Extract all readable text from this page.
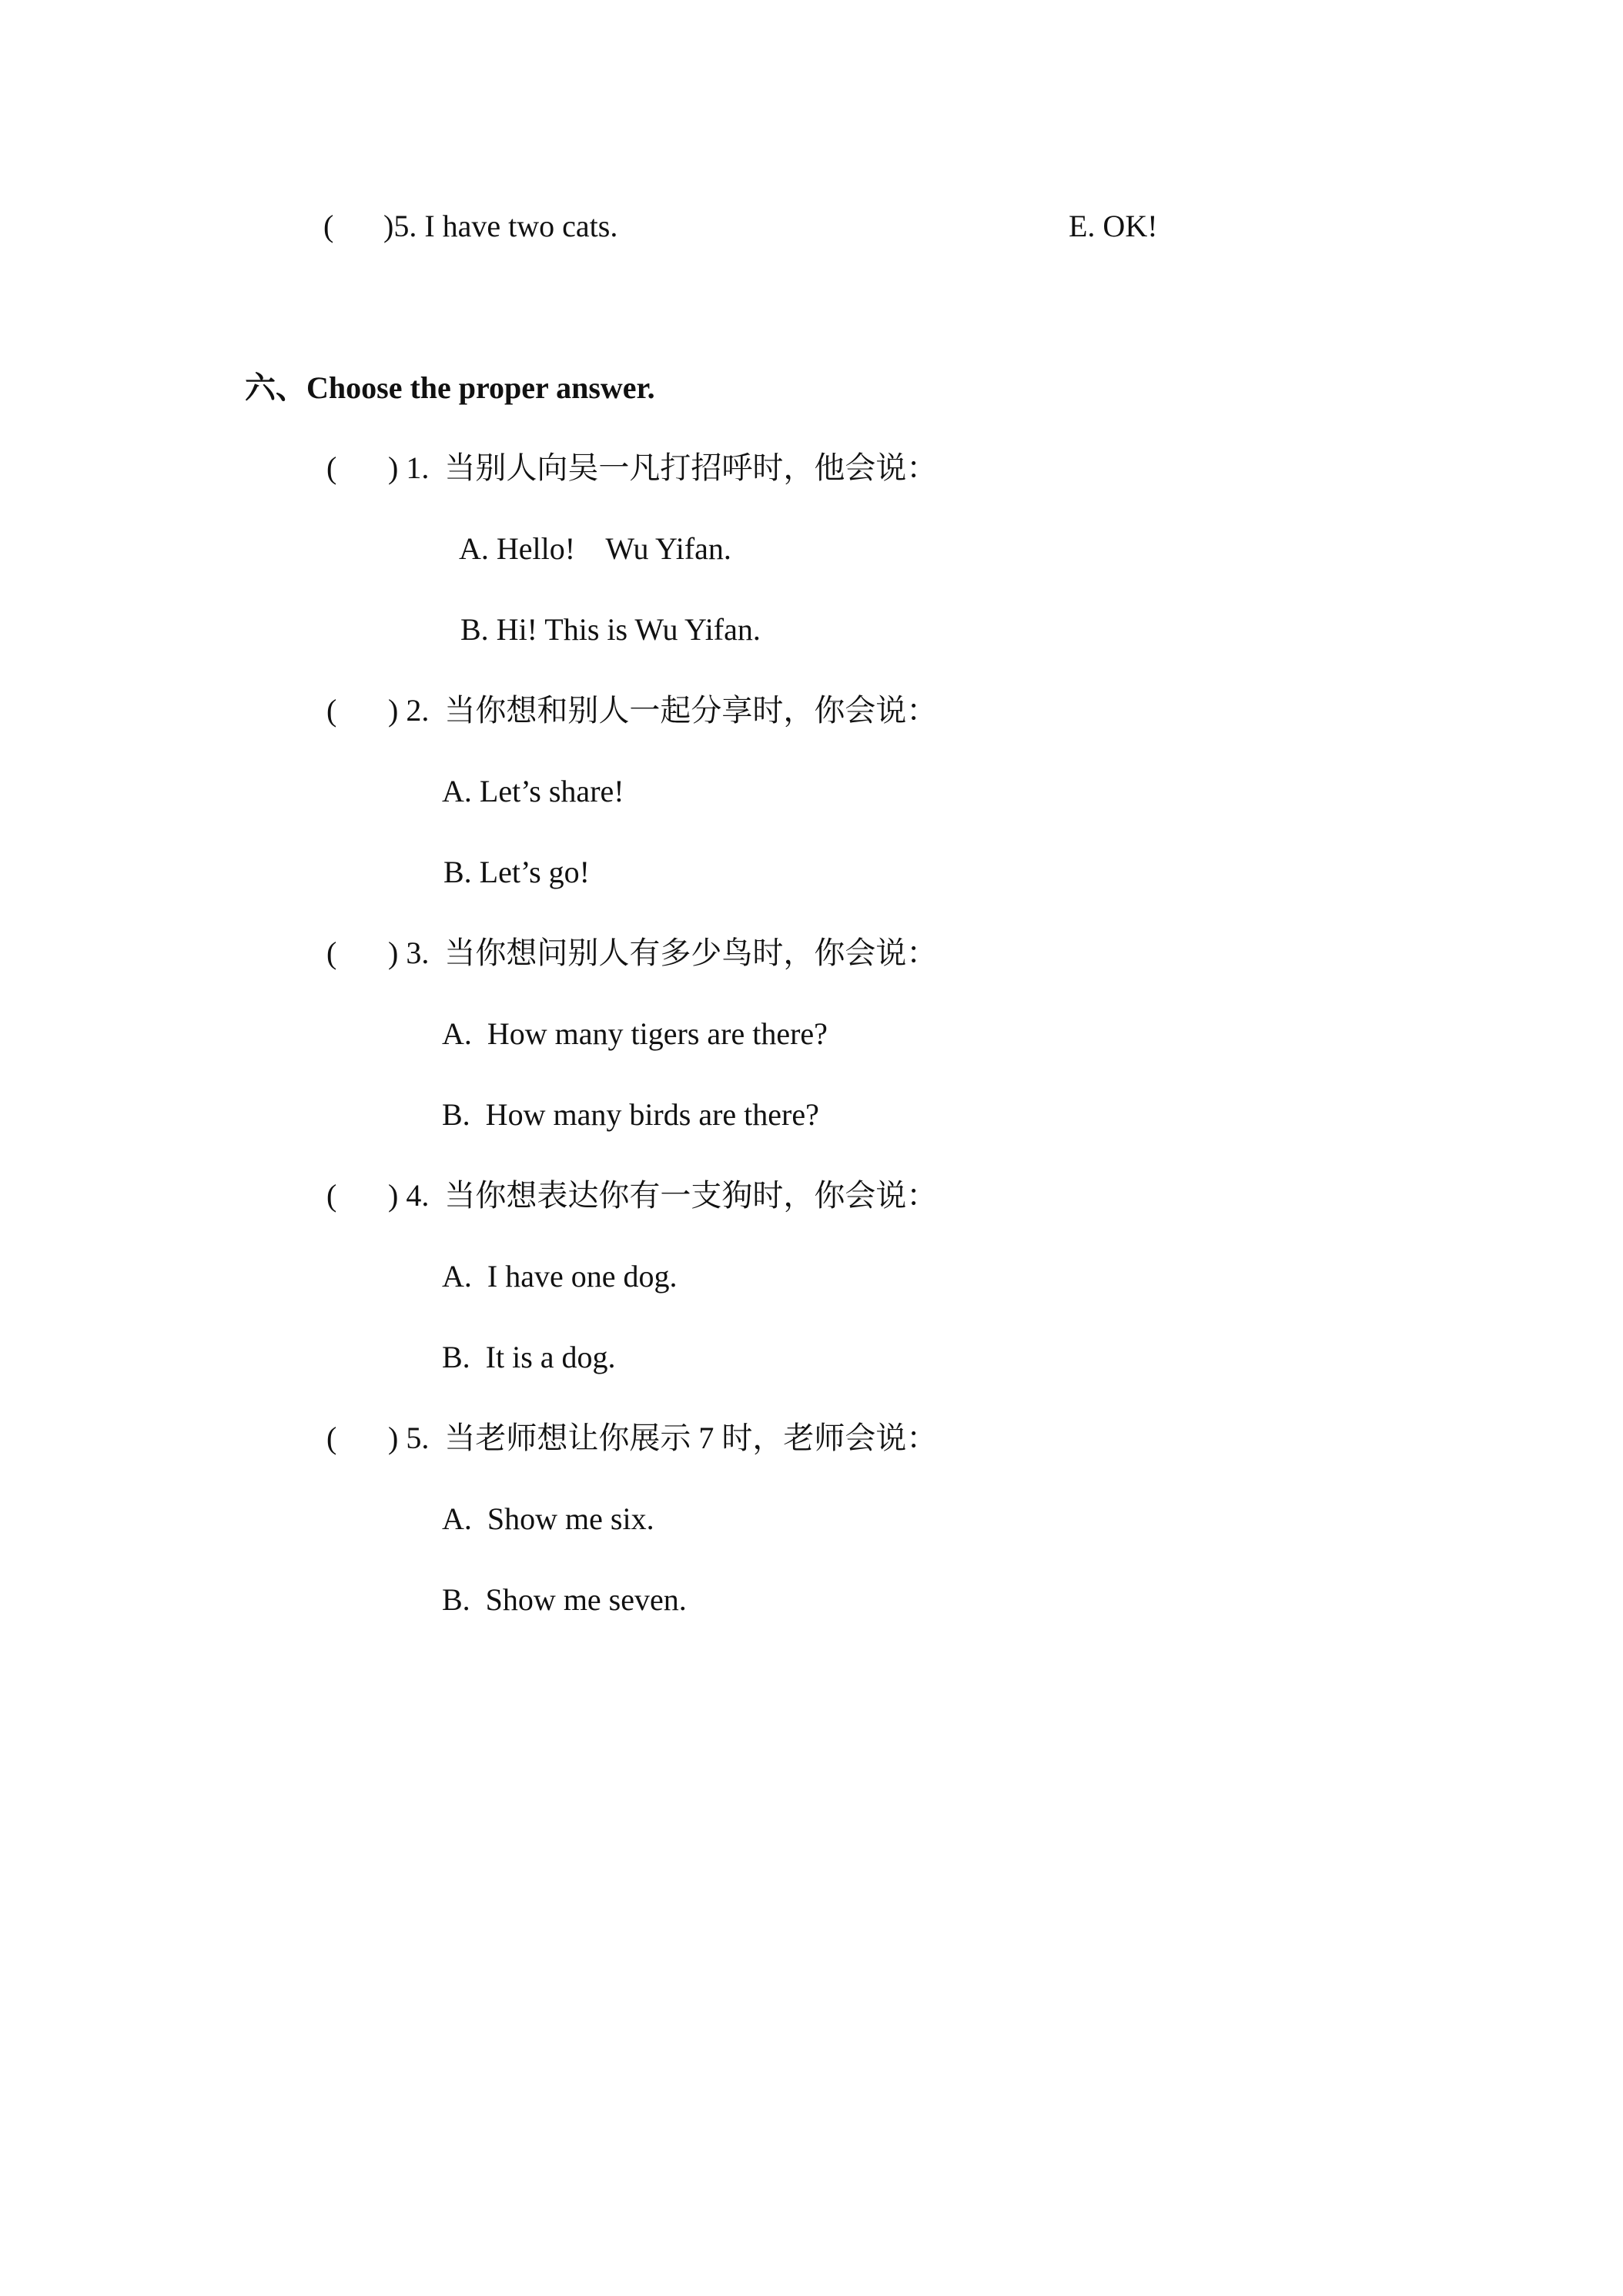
( )5. I have two cats.	E. OK!
六、Choose the proper answer.
( ) 1.  当别人向吴一凡打招呼时，他会说：
A. Hello!    Wu Yifan.
B. Hi! This is Wu Yifan.
( ) 2.  当你想和别人一起分享时，你会说：
A. Let’s share!
B. Let’s go!
( ) 3.  当你想问别人有多少鸟时，你会说：
A.  How many tigers are there?
B.  How many birds are there?
( ) 4.  当你想表达你有一支狗时，你会说：
A.  I have one dog.
B.  It is a dog.
( ) 5.  当老师想让你展示 7 时，老师会说：
A.  Show me six.
B.  Show me seven.
